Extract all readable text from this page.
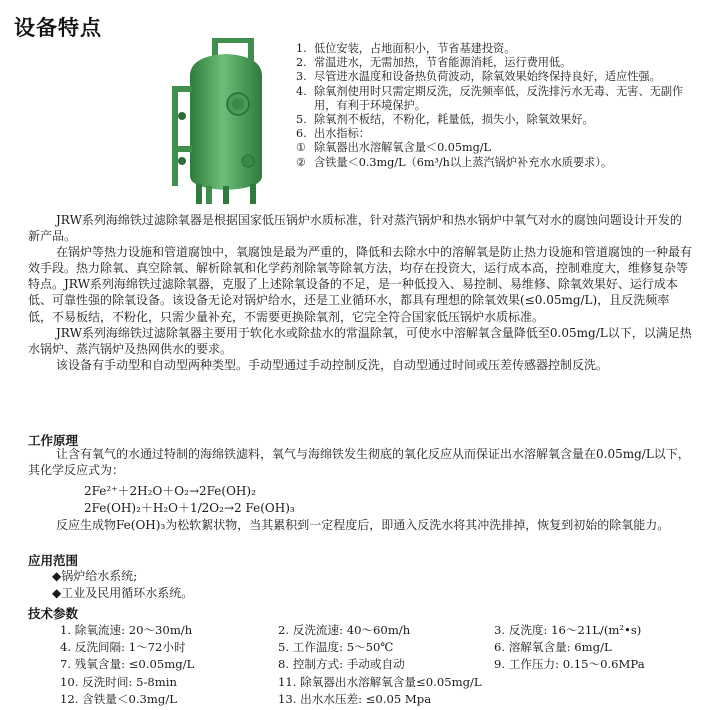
设备特点
1. 低位安装，占地面积小，节省基建投资。
2. 常温进水，无需加热，节省能源消耗，运行费用低。
3. 尽管进水温度和设备热负荷波动，除氧效果始终保持良好，适应性强。
4. 除氧剂使用时只需定期反洗，反洗频率低，反洗排污水无毒、无害、无副作用，有利于环境保护。
5. 除氧剂不板结，不粉化，耗量低，损失小，除氧效果好。
6. 出水指标：
① 除氧器出水溶解氧含量＜0.05mg/L
② 含铁量＜0.3mg/L（6m³/h以上蒸汽锅炉补充水水质要求）。

JRW系列海绵铁过滤除氧器是根据国家低压锅炉水质标准，针对蒸汽锅炉和热水锅炉中氧气对水的腐蚀问题设计开发的新产品。

在锅炉等热力设施和管道腐蚀中，氧腐蚀是最为严重的，降低和去除水中的溶解氧是防止热力设施和管道腐蚀的一种最有效手段。热力除氧、真空除氧、解析除氧和化学药剂除氧等除氧方法，均存在投资大，运行成本高，控制难度大，维修复杂等特点。JRW系列海绵铁过滤除氧器，克服了上述除氧设备的不足，是一种低投入、易控制、易维修、除氧效果好、运行成本低、可靠性强的除氧设备。该设备无论对锅炉给水，还是工业循环水，都具有理想的除氧效果(≤0.05mg/L)，且反洗频率低，不易板结，不粉化，只需少量补充，不需要更换除氧剂，它完全符合国家低压锅炉水质标准。

JRW系列海绵铁过滤除氧器主要用于软化水或除盐水的常温除氧，可使水中溶解氧含量降低至0.05mg/L以下，以满足热水锅炉、蒸汽锅炉及热网供水的要求。

该设备有手动型和自动型两种类型。手动型通过手动控制反洗，自动型通过时间或压差传感器控制反洗。

工作原理

让含有氧气的水通过特制的海绵铁滤料，氧气与海绵铁发生彻底的氧化反应从而保证出水溶解氧含量在0.05mg/L以下，其化学反应式为：

2Fe²⁺＋2H₂O＋O₂→2Fe(OH)₂
2Fe(OH)₂＋H₂O＋1/2O₂→2 Fe(OH)₃

反应生成物Fe(OH)₃为松软絮状物，当其累积到一定程度后，即通入反洗水将其冲洗排掉，恢复到初始的除氧能力。

应用范围
◆锅炉给水系统;
◆工业及民用循环水系统。
技术参数
1. 除氧流速: 20～30m/h	2. 反洗流速: 40～60m/h	3. 反洗度: 16～21L/(m²•s)
4. 反洗间隔: 1～72小时	5. 工作温度: 5～50℃	6. 溶解氧含量: 6mg/L
7. 残氧含量: ≤0.05mg/L	8. 控制方式: 手动或自动	9. 工作压力: 0.15～0.6MPa
10. 反洗时间: 5-8min	11. 除氧器出水溶解氧含量≤0.05mg/L
12. 含铁量＜0.3mg/L	13. 出水水压差: ≤0.05 Mpa
